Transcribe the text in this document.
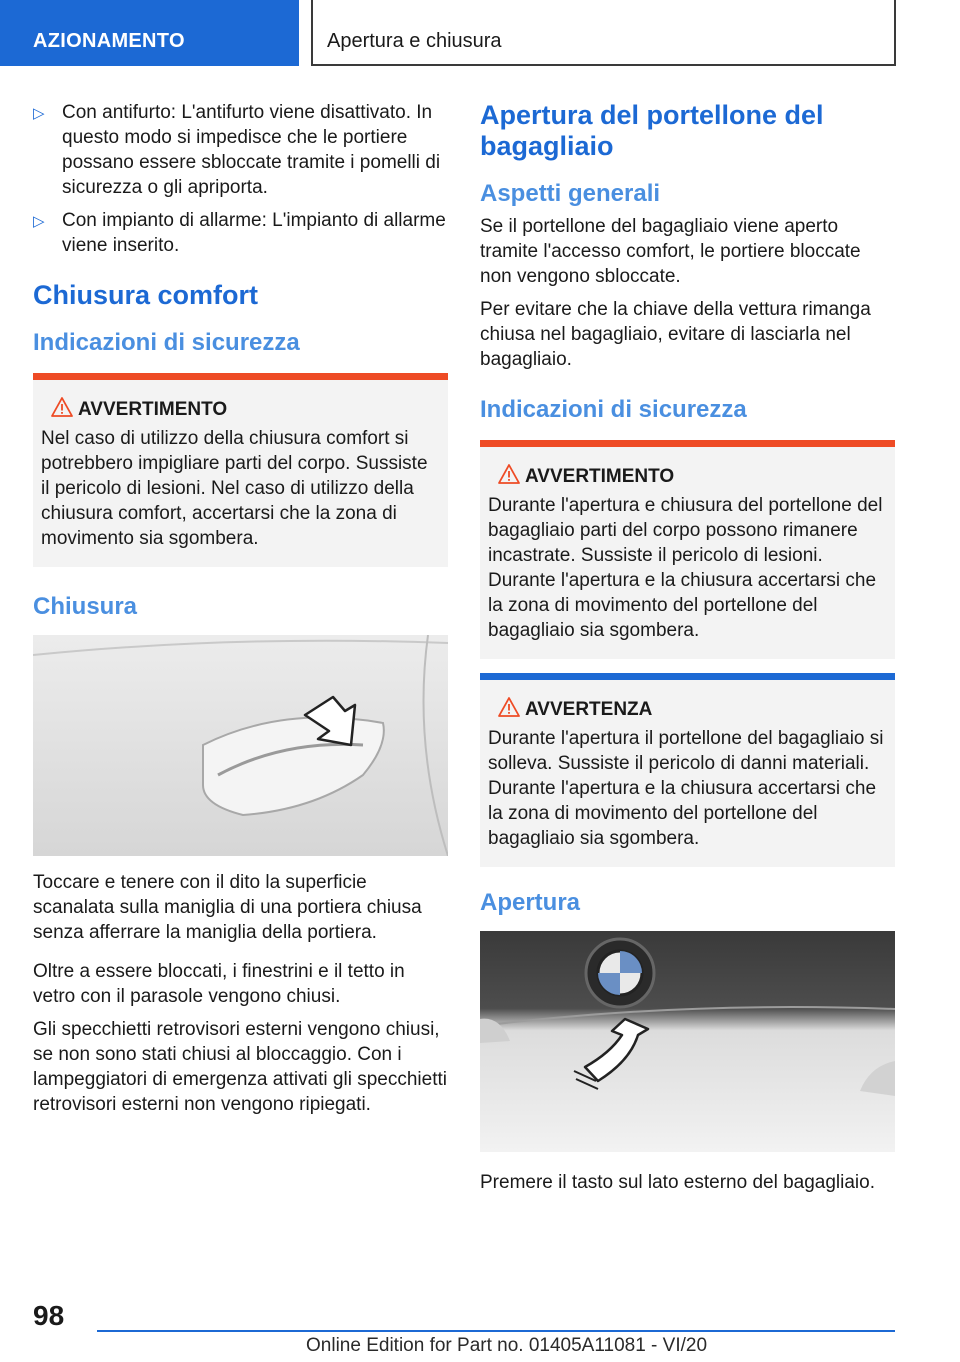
AZIONAMENTO	Apertura e chiusura
▷ Con antifurto: L'antifurto viene disattivato. In questo modo si impedisce che le portiere possano essere sbloccate tramite i pomelli di sicurezza o gli apriporta.
▷ Con impianto di allarme: L'impianto di allarme viene inserito.
Chiusura comfort
Indicazioni di sicurezza
AVVERTIMENTO

Nel caso di utilizzo della chiusura comfort si potrebbero impigliare parti del corpo. Sussiste il pericolo di lesioni. Nel caso di utilizzo della chiusura comfort, accertarsi che la zona di movimento sia sgombera.

Chiusura

Toccare e tenere con il dito la superficie scanalata sulla maniglia di una portiera chiusa senza afferrare la maniglia della portiera.

Oltre a essere bloccati, i finestrini e il tetto in vetro con il parasole vengono chiusi.

Gli specchietti retrovisori esterni vengono chiusi, se non sono stati chiusi al bloccaggio. Con i lampeggiatori di emergenza attivati gli specchietti retrovisori esterni non vengono ripiegati.

Apertura del portellone del bagagliaio
Aspetti generali

Se il portellone del bagagliaio viene aperto tramite l'accesso comfort, le portiere bloccate non vengono sbloccate.

Per evitare che la chiave della vettura rimanga chiusa nel bagagliaio, evitare di lasciarla nel bagagliaio.

Indicazioni di sicurezza
AVVERTIMENTO

Durante l'apertura e chiusura del portellone del bagagliaio parti del corpo possono rimanere incastrate. Sussiste il pericolo di lesioni. Durante l'apertura e la chiusura accertarsi che la zona di movimento del portellone del bagagliaio sia sgombera.

AVVERTENZA

Durante l'apertura il portellone del bagagliaio si solleva. Sussiste il pericolo di danni materiali. Durante l'apertura e la chiusura accertarsi che la zona di movimento del portellone del bagagliaio sia sgombera.

Apertura

Premere il tasto sul lato esterno del bagagliaio.

98
Online Edition for Part no. 01405A11081 - VI/20
